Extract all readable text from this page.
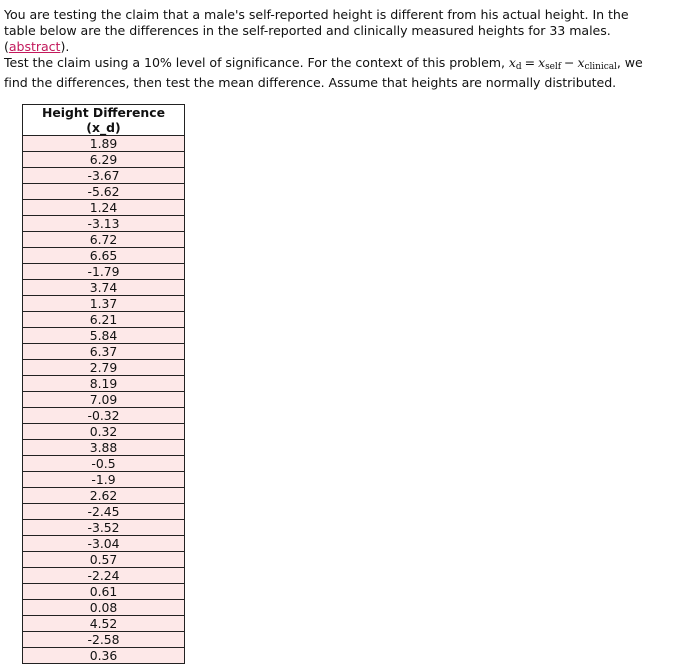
You are testing the claim that a male's self-reported height is different from his actual height. In the table below are the differences in the self-reported and clinically measured heights for 33 males. (abstract).
Test the claim using a 10% level of significance. For the context of this problem, $x_d = x_{self} - x_{clinical}$, we find the differences, then test the mean difference. Assume that heights are normally distributed.
Height Difference (x_d)
1.89
6.29
-3.67
-5.62
1.24
-3.13
6.72
6.65
-1.79
3.74
1.37
6.21
5.84
6.37
2.79
8.19
7.09
-0.32
0.32
3.88
-0.5
-1.9
2.62
-2.45
-3.52
-3.04
0.57
-2.24
0.61
0.08
4.52
-2.58
0.36
